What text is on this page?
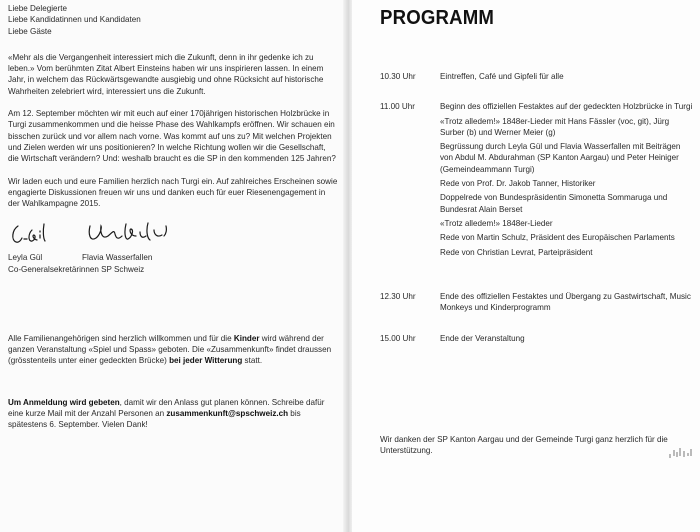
Liebe Delegierte

Liebe Kandidatinnen und Kandidaten

Liebe Gäste

«Mehr als die Vergangenheit interessiert mich die Zukunft, denn in ihr gedenke ich zu leben.» Vom berühmten Zitat Albert Einsteins haben wir uns inspirieren lassen. In einem Jahr, in welchem das Rückwärtsgewandte ausgiebig und ohne Rücksicht auf historische Wahrheiten zelebriert wird, interessiert uns die Zukunft.

Am 12. September möchten wir mit euch auf einer 170jährigen historischen Holzbrücke in Turgi zusammenkommen und die heisse Phase des Wahlkampfs eröffnen. Wir schauen ein bisschen zurück und vor allem nach vorne. Was kommt auf uns zu? Mit welchen Projekten und Zielen werden wir uns positionieren? In welche Richtung wollen wir die Gesellschaft, die Wirtschaft verändern? Und: weshalb braucht es die SP in den kommenden 125 Jahren?

Wir laden euch und eure Familien herzlich nach Turgi ein. Auf zahlreiches Erscheinen sowie engagierte Diskussionen freuen wir uns und danken euch für euer Riesenengagement in der Wahlkampagne 2015.

Leyla Gül	Flavia Wasserfallen

Co-Generalsekretärinnen SP Schweiz

Alle Familienangehörigen sind herzlich willkommen und für die Kinder wird während der ganzen Veranstaltung «Spiel und Spass» geboten. Die «Zusammenkunft» findet draussen (grösstenteils unter einer gedeckten Brücke) bei jeder Witterung statt.

Um Anmeldung wird gebeten, damit wir den Anlass gut planen können. Schreibe dafür eine kurze Mail mit der Anzahl Personen an zusammenkunft@spschweiz.ch bis spätestens 6. September. Vielen Dank!

PROGRAMM
10.30 Uhr	Eintreffen, Café und Gipfeli für alle

11.00 Uhr	Beginn des offiziellen Festaktes auf der gedeckten Holzbrücke in Turgi

«Trotz alledem!» 1848er-Lieder mit Hans Fässler (voc, git), Jürg Surber (b) und Werner Meier (g)

Begrüssung durch Leyla Gül und Flavia Wasserfallen mit Beiträgen von Abdul M. Abdurahman (SP Kanton Aargau) und Peter Heiniger (Gemeindeammann Turgi)

Rede von Prof. Dr. Jakob Tanner, Historiker

Doppelrede von Bundespräsidentin Simonetta Sommaruga und Bundesrat Alain Berset

«Trotz alledem!» 1848er-Lieder

Rede von Martin Schulz, Präsident des Europäischen Parlaments

Rede von Christian Levrat, Parteipräsident

12.30 Uhr	Ende des offiziellen Festaktes und Übergang zu Gastwirtschaft, Music Monkeys und Kinderprogramm

15.00 Uhr	Ende der Veranstaltung

Wir danken der SP Kanton Aargau und der Gemeinde Turgi ganz herzlich für die Unterstützung.
